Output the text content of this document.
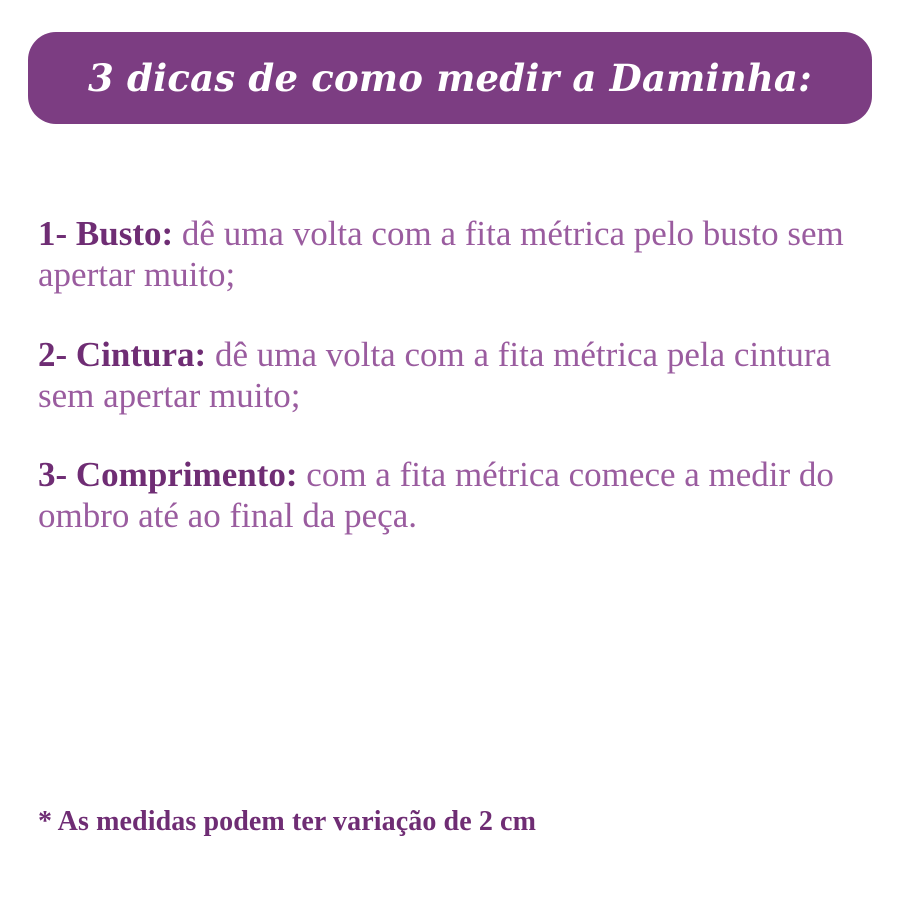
3 dicas de como medir a Daminha:

1- Busto: dê uma volta com a fita métrica pelo busto sem apertar muito;

2- Cintura: dê uma volta com a fita métrica pela cintura sem apertar muito;

3- Comprimento: com a fita métrica comece a medir do ombro até ao final da peça.

* As medidas podem ter variação de 2 cm
